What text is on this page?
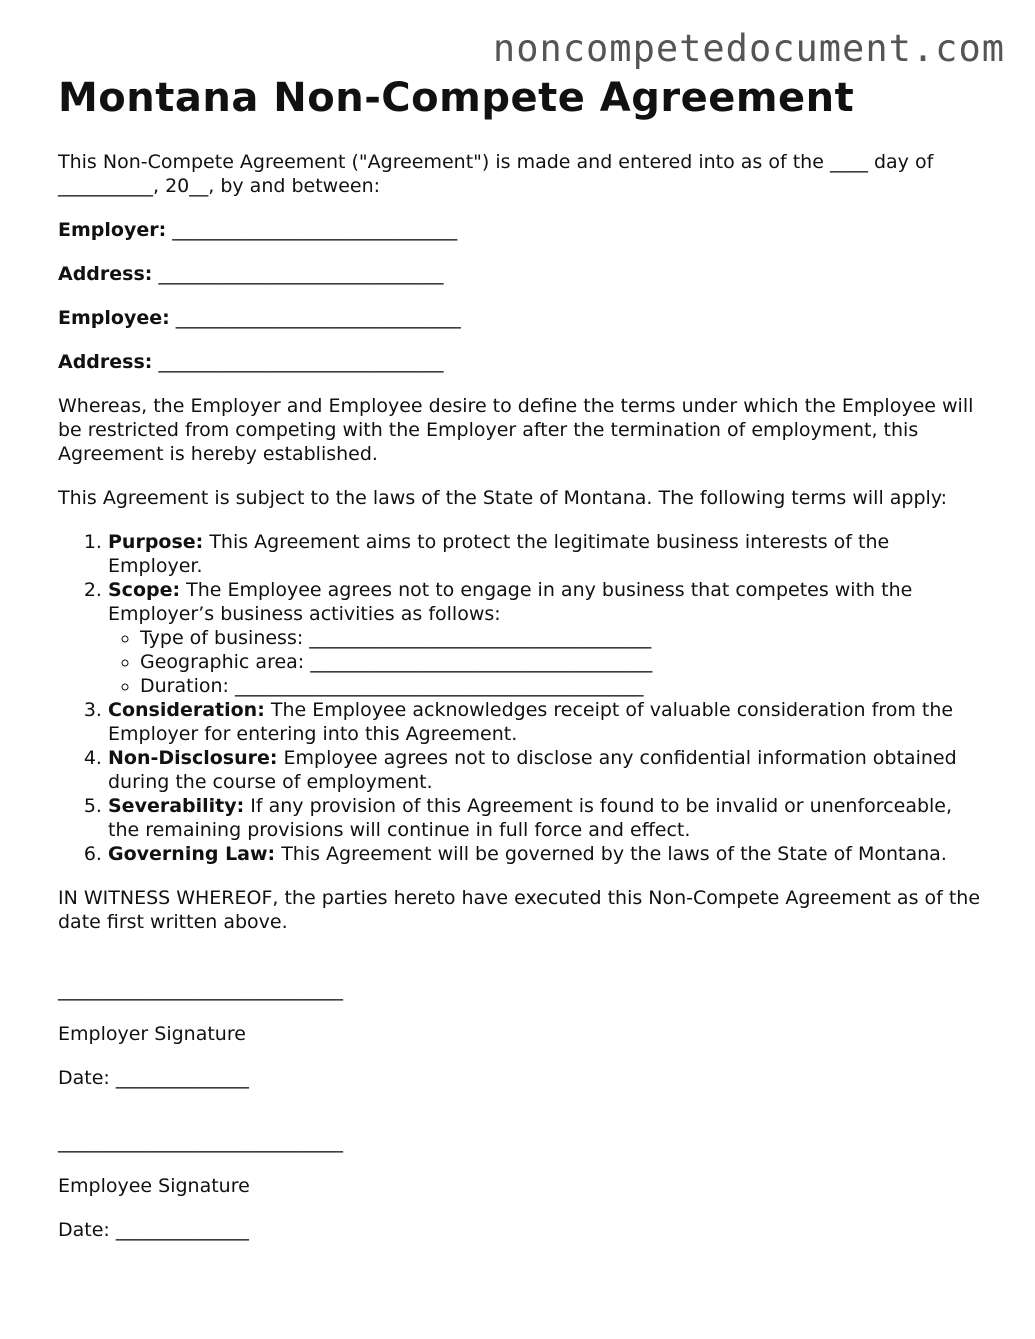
noncompetedocument.com
Montana Non-Compete Agreement

This Non-Compete Agreement ("Agreement") is made and entered into as of the ____ day of __________, 20__, by and between:

Employer: ______________________________
Address: ______________________________
Employee: ______________________________
Address: ______________________________

Whereas, the Employer and Employee desire to define the terms under which the Employee will be restricted from competing with the Employer after the termination of employment, this Agreement is hereby established.

This Agreement is subject to the laws of the State of Montana. The following terms will apply:

1. Purpose: This Agreement aims to protect the legitimate business interests of the Employer.
2. Scope: The Employee agrees not to engage in any business that competes with the Employer’s business activities as follows:
◦ Type of business: ____________________________________
◦ Geographic area: ____________________________________
◦ Duration: ___________________________________________
3. Consideration: The Employee acknowledges receipt of valuable consideration from the Employer for entering into this Agreement.
4. Non-Disclosure: Employee agrees not to disclose any confidential information obtained during the course of employment.
5. Severability: If any provision of this Agreement is found to be invalid or unenforceable, the remaining provisions will continue in full force and effect.
6. Governing Law: This Agreement will be governed by the laws of the State of Montana.

IN WITNESS WHEREOF, the parties hereto have executed this Non-Compete Agreement as of the date first written above.

______________________________

Employer Signature

Date: ______________

______________________________

Employee Signature

Date: ______________
